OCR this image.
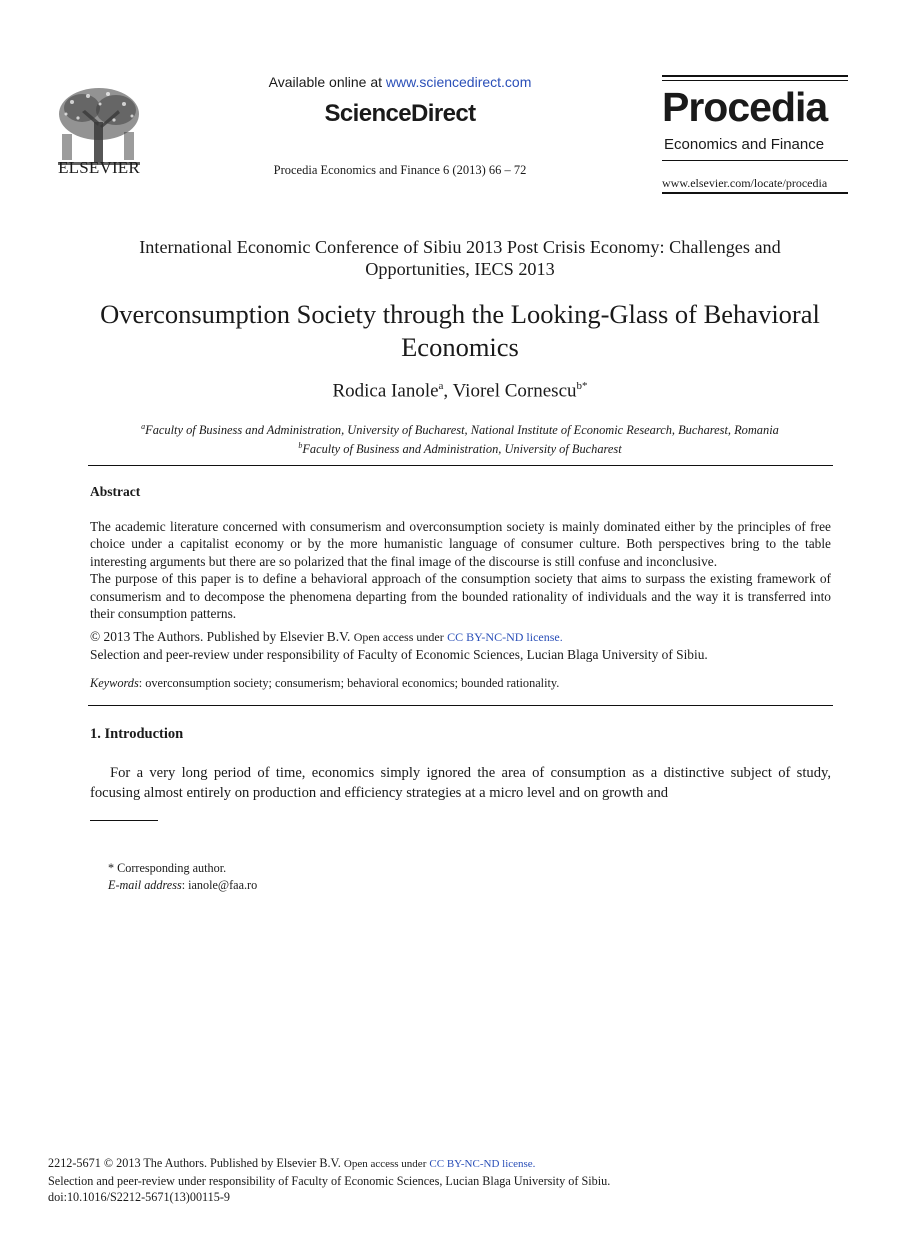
ELSEVIER
Available online at www.sciencedirect.com
ScienceDirect
Procedia Economics and Finance 6 (2013) 66 – 72
Procedia
Economics and Finance
www.elsevier.com/locate/procedia
International Economic Conference of Sibiu 2013 Post Crisis Economy: Challenges and Opportunities, IECS 2013
Overconsumption Society through the Looking-Glass of Behavioral Economics
Rodica Ianole$^a$, Viorel Cornescu$^{b*}$
$^a$Faculty of Business and Administration, University of Bucharest, National Institute of Economic Research, Bucharest, Romania
$^b$Faculty of Business and Administration, University of Bucharest
Abstract

The academic literature concerned with consumerism and overconsumption society is mainly dominated either by the principles of free choice under a capitalist economy or by the more humanistic language of consumer culture. Both perspectives bring to the table interesting arguments but there are so polarized that the final image of the discourse is still confuse and inconclusive.

The purpose of this paper is to define a behavioral approach of the consumption society that aims to surpass the existing framework of consumerism and to decompose the phenomena departing from the bounded rationality of individuals and the way it is transferred into their consumption patterns.

© 2013 The Authors. Published by Elsevier B.V. Open access under CC BY-NC-ND license.
Selection and peer-review under responsibility of Faculty of Economic Sciences, Lucian Blaga University of Sibiu.
Keywords: overconsumption society; consumerism; behavioral economics; bounded rationality.
1. Introduction

For a very long period of time, economics simply ignored the area of consumption as a distinctive subject of study, focusing almost entirely on production and efficiency strategies at a micro level and on growth and

* Corresponding author.
E-mail address: ianole@faa.ro
2212-5671 © 2013 The Authors. Published by Elsevier B.V. Open access under CC BY-NC-ND license.
Selection and peer-review under responsibility of Faculty of Economic Sciences, Lucian Blaga University of Sibiu.
doi:10.1016/S2212-5671(13)00115-9
